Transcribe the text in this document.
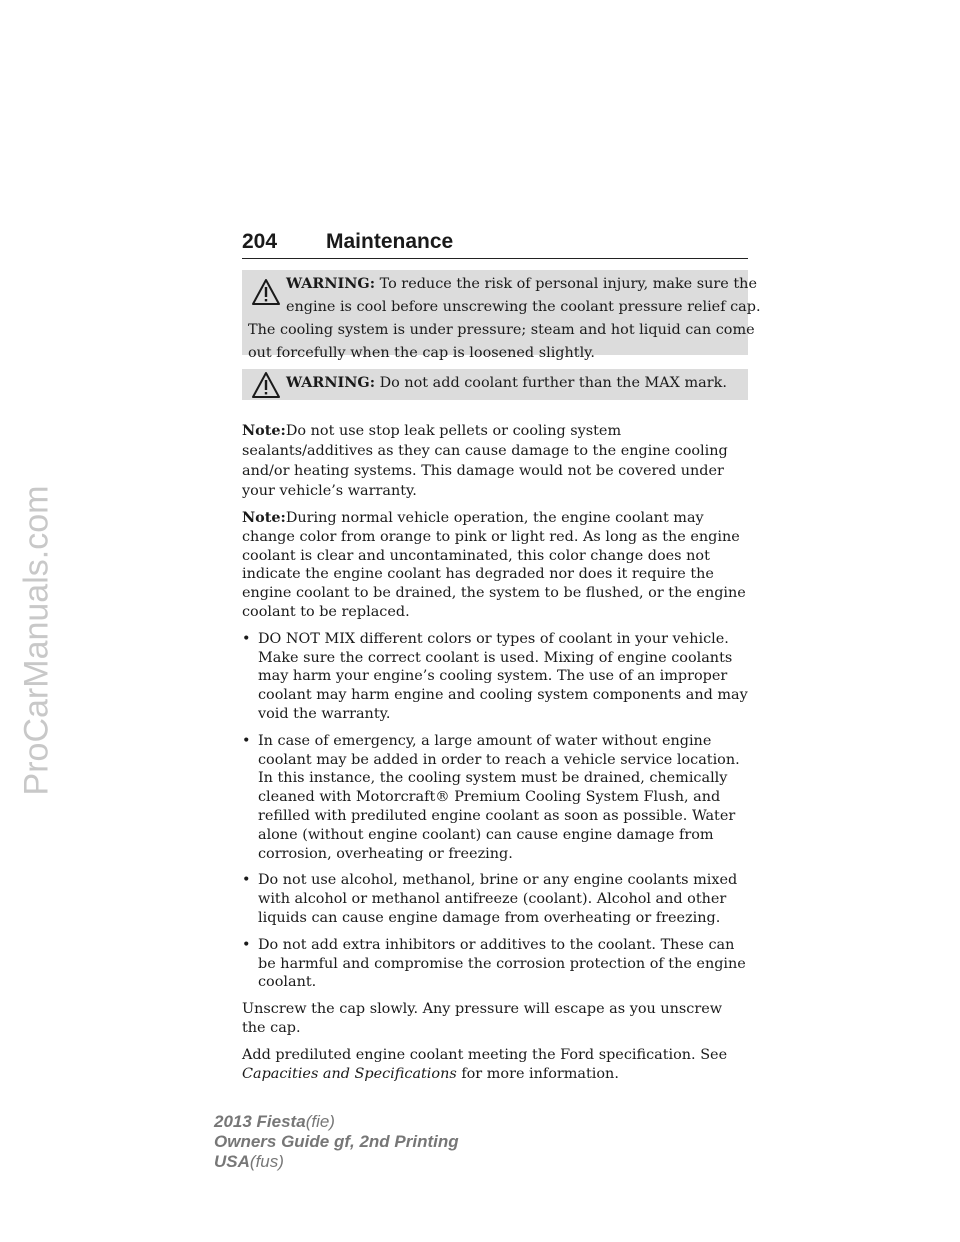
ProCarManuals.com
204 Maintenance
WARNING: To reduce the risk of personal injury, make sure the
engine is cool before unscrewing the coolant pressure relief cap.
The cooling system is under pressure; steam and hot liquid can come
out forcefully when the cap is loosened slightly.
WARNING: Do not add coolant further than the MAX mark.

Note:Do not use stop leak pellets or cooling system sealants/additives as they can cause damage to the engine cooling and/or heating systems. This damage would not be covered under your vehicle’s warranty.

Note:During normal vehicle operation, the engine coolant may change color from orange to pink or light red. As long as the engine coolant is clear and uncontaminated, this color change does not indicate the engine coolant has degraded nor does it require the engine coolant to be drained, the system to be flushed, or the engine coolant to be replaced.

• DO NOT MIX different colors or types of coolant in your vehicle. Make sure the correct coolant is used. Mixing of engine coolants may harm your engine’s cooling system. The use of an improper coolant may harm engine and cooling system components and may void the warranty.
• In case of emergency, a large amount of water without engine coolant may be added in order to reach a vehicle service location. In this instance, the cooling system must be drained, chemically cleaned with Motorcraft® Premium Cooling System Flush, and refilled with prediluted engine coolant as soon as possible. Water alone (without engine coolant) can cause engine damage from corrosion, overheating or freezing.
• Do not use alcohol, methanol, brine or any engine coolants mixed with alcohol or methanol antifreeze (coolant). Alcohol and other liquids can cause engine damage from overheating or freezing.
• Do not add extra inhibitors or additives to the coolant. These can be harmful and compromise the corrosion protection of the engine coolant.

Unscrew the cap slowly. Any pressure will escape as you unscrew the cap.

Add prediluted engine coolant meeting the Ford specification. See
Capacities and Specifications for more information.

2013 Fiesta(fie)
Owners Guide gf, 2nd Printing
USA(fus)
